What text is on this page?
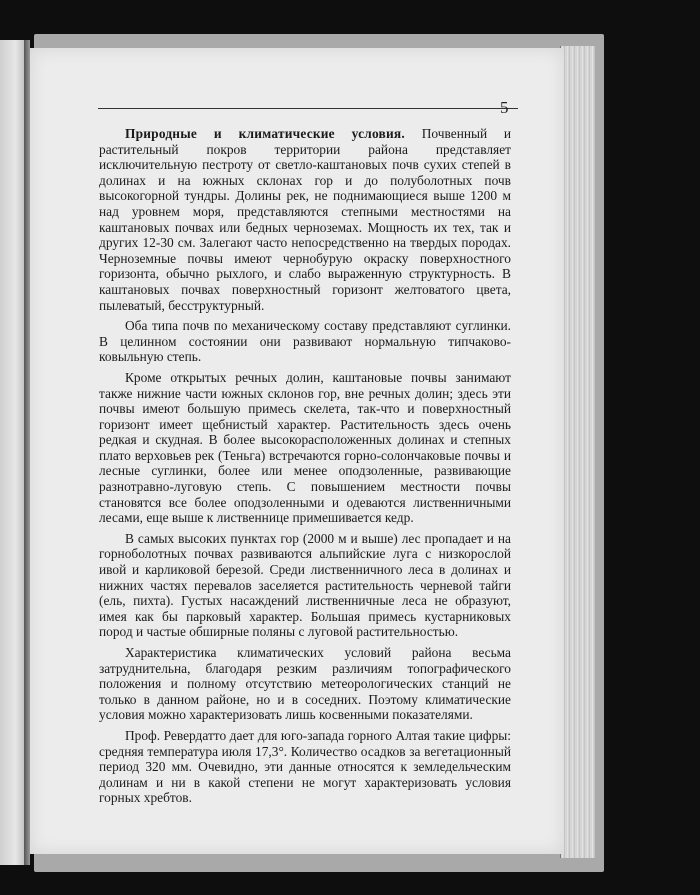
5

Природные и климатические условия. Почвенный и растительный покров территории района представляет исключительную пестроту от светло-каштановых почв сухих степей в долинах и на южных склонах гор и до полуболотных почв высокогорной тундры. Долины рек, не поднимающиеся выше 1200 м над уровнем моря, представляются степными местностями на каштановых почвах или бедных черноземах. Мощность их тех, так и других 12-30 см. Залегают часто непосредственно на твердых породах. Черноземные почвы имеют чернобурую окраску поверхностного горизонта, обычно рыхлого, и слабо выраженную структурность. В каштановых почвах поверхностный горизонт желтоватого цвета, пылеватый, бесструктурный.

Оба типа почв по механическому составу представляют суглинки. В целинном состоянии они развивают нормальную типчаково-ковыльную степь.

Кроме открытых речных долин, каштановые почвы занимают также нижние части южных склонов гор, вне речных долин; здесь эти почвы имеют большую примесь скелета, так-что и поверхностный горизонт имеет щебнистый характер. Растительность здесь очень редкая и скудная. В более высокорасположенных долинах и степных плато верховьев рек (Теньга) встречаются горно-солончаковые почвы и лесные суглинки, более или менее оподзоленные, развивающие разнотравно-луговую степь. С повышением местности почвы становятся все более оподзоленными и одеваются лиственничными лесами, еще выше к лиственнице примешивается кедр.

В самых высоких пунктах гор (2000 м и выше) лес пропадает и на горноболотных почвах развиваются альпийские луга с низкорослой ивой и карликовой березой. Среди лиственничного леса в долинах и нижних частях перевалов заселяется растительность черневой тайги (ель, пихта). Густых насаждений лиственничные леса не образуют, имея как бы парковый характер. Большая примесь кустарниковых пород и частые обширные поляны с луговой растительностью.

Характеристика климатических условий района весьма затруднительна, благодаря резким различиям топографического положения и полному отсутствию метеорологических станций не только в данном районе, но и в соседних. Поэтому климатические условия можно характеризовать лишь косвенными показателями.

Проф. Ревердатто дает для юго-запада горного Алтая такие цифры: средняя температура июля 17,3°. Количество осадков за вегетационный период 320 мм. Очевидно, эти данные относятся к земледельческим долинам и ни в какой степени не могут характеризовать условия горных хребтов.
